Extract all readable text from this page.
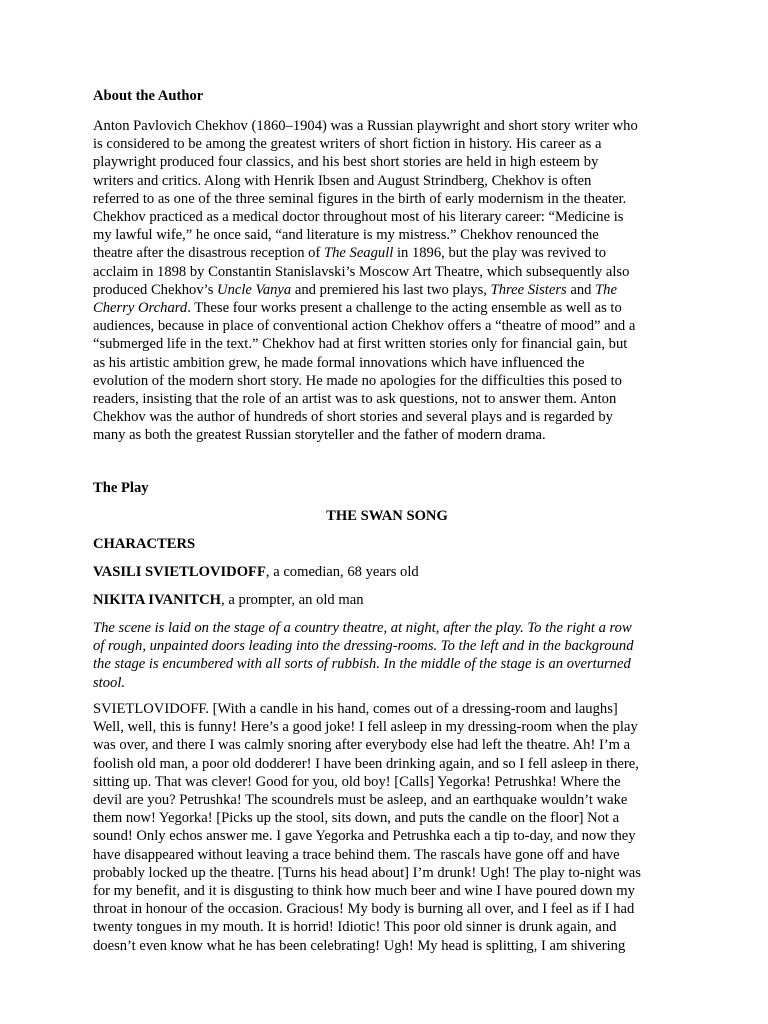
About the Author
Anton Pavlovich Chekhov (1860–1904) was a Russian playwright and short story writer who
is considered to be among the greatest writers of short fiction in history. His career as a
playwright produced four classics, and his best short stories are held in high esteem by
writers and critics. Along with Henrik Ibsen and August Strindberg, Chekhov is often
referred to as one of the three seminal figures in the birth of early modernism in the theater.
Chekhov practiced as a medical doctor throughout most of his literary career: “Medicine is
my lawful wife,” he once said, “and literature is my mistress.” Chekhov renounced the
theatre after the disastrous reception of The Seagull in 1896, but the play was revived to
acclaim in 1898 by Constantin Stanislavski’s Moscow Art Theatre, which subsequently also
produced Chekhov’s Uncle Vanya and premiered his last two plays, Three Sisters and The
Cherry Orchard. These four works present a challenge to the acting ensemble as well as to
audiences, because in place of conventional action Chekhov offers a “theatre of mood” and a
“submerged life in the text.” Chekhov had at first written stories only for financial gain, but
as his artistic ambition grew, he made formal innovations which have influenced the
evolution of the modern short story. He made no apologies for the difficulties this posed to
readers, insisting that the role of an artist was to ask questions, not to answer them. Anton
Chekhov was the author of hundreds of short stories and several plays and is regarded by
many as both the greatest Russian storyteller and the father of modern drama.
The Play
THE SWAN SONG
CHARACTERS
VASILI SVIETLOVIDOFF, a comedian, 68 years old
NIKITA IVANITCH, a prompter, an old man
The scene is laid on the stage of a country theatre, at night, after the play. To the right a row
of rough, unpainted doors leading into the dressing-rooms. To the left and in the background
the stage is encumbered with all sorts of rubbish. In the middle of the stage is an overturned
stool.
SVIETLOVIDOFF. [With a candle in his hand, comes out of a dressing-room and laughs]
Well, well, this is funny! Here’s a good joke! I fell asleep in my dressing-room when the play
was over, and there I was calmly snoring after everybody else had left the theatre. Ah! I’m a
foolish old man, a poor old dodderer! I have been drinking again, and so I fell asleep in there,
sitting up. That was clever! Good for you, old boy! [Calls] Yegorka! Petrushka! Where the
devil are you? Petrushka! The scoundrels must be asleep, and an earthquake wouldn’t wake
them now! Yegorka! [Picks up the stool, sits down, and puts the candle on the floor] Not a
sound! Only echos answer me. I gave Yegorka and Petrushka each a tip to-day, and now they
have disappeared without leaving a trace behind them. The rascals have gone off and have
probably locked up the theatre. [Turns his head about] I’m drunk! Ugh! The play to-night was
for my benefit, and it is disgusting to think how much beer and wine I have poured down my
throat in honour of the occasion. Gracious! My body is burning all over, and I feel as if I had
twenty tongues in my mouth. It is horrid! Idiotic! This poor old sinner is drunk again, and
doesn’t even know what he has been celebrating! Ugh! My head is splitting, I am shivering
